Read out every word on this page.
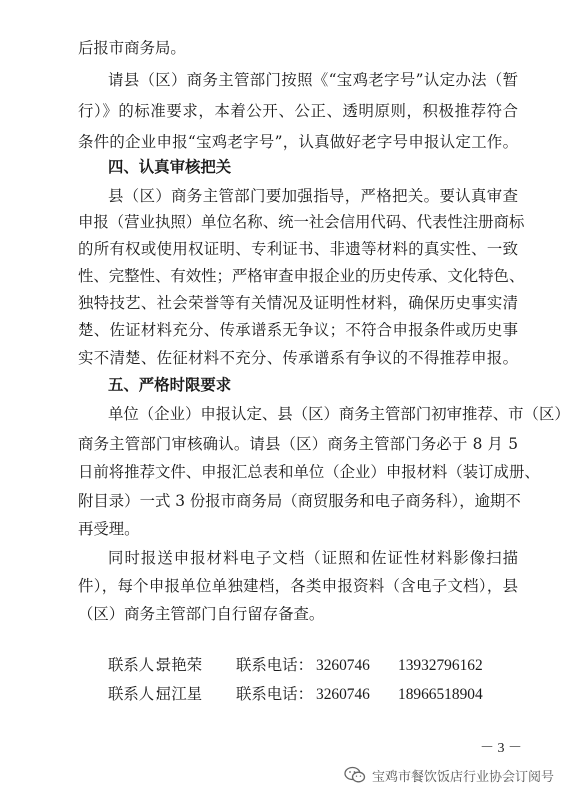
后报市商务局。
请县（区）商务主管部门按照《“宝鸡老字号”认定办法（暂
行）》的标准要求，本着公开、公正、透明原则，积极推荐符合
条件的企业申报“宝鸡老字号”，认真做好老字号申报认定工作。
四、认真审核把关
县（区）商务主管部门要加强指导，严格把关。要认真审查
申报（营业执照）单位名称、统一社会信用代码、代表性注册商标
的所有权或使用权证明、专利证书、非遗等材料的真实性、一致
性、完整性、有效性；严格审查申报企业的历史传承、文化特色、
独特技艺、社会荣誉等有关情况及证明性材料，确保历史事实清
楚、佐证材料充分、传承谱系无争议；不符合申报条件或历史事
实不清楚、佐征材料不充分、传承谱系有争议的不得推荐申报。
五、严格时限要求
单位（企业）申报认定、县（区）商务主管部门初审推荐、市（区）
商务主管部门审核确认。请县（区）商务主管部门务必于 8 月 5
日前将推荐文件、申报汇总表和单位（企业）申报材料（装订成册、
附目录）一式 3 份报市商务局（商贸服务和电子商务科），逾期不
再受理。
同时报送申报材料电子文档（证照和佐证性材料影像扫描
件），每个申报单位单独建档，各类申报资料（含电子文档），县
（区）商务主管部门自行留存备查。
联系人：景艳荣 联系电话： 3260746 13932796162
联系人：屈江星 联系电话： 3260746 18966518904
－ 3 －
宝鸡市餐饮饭店行业协会订阅号
